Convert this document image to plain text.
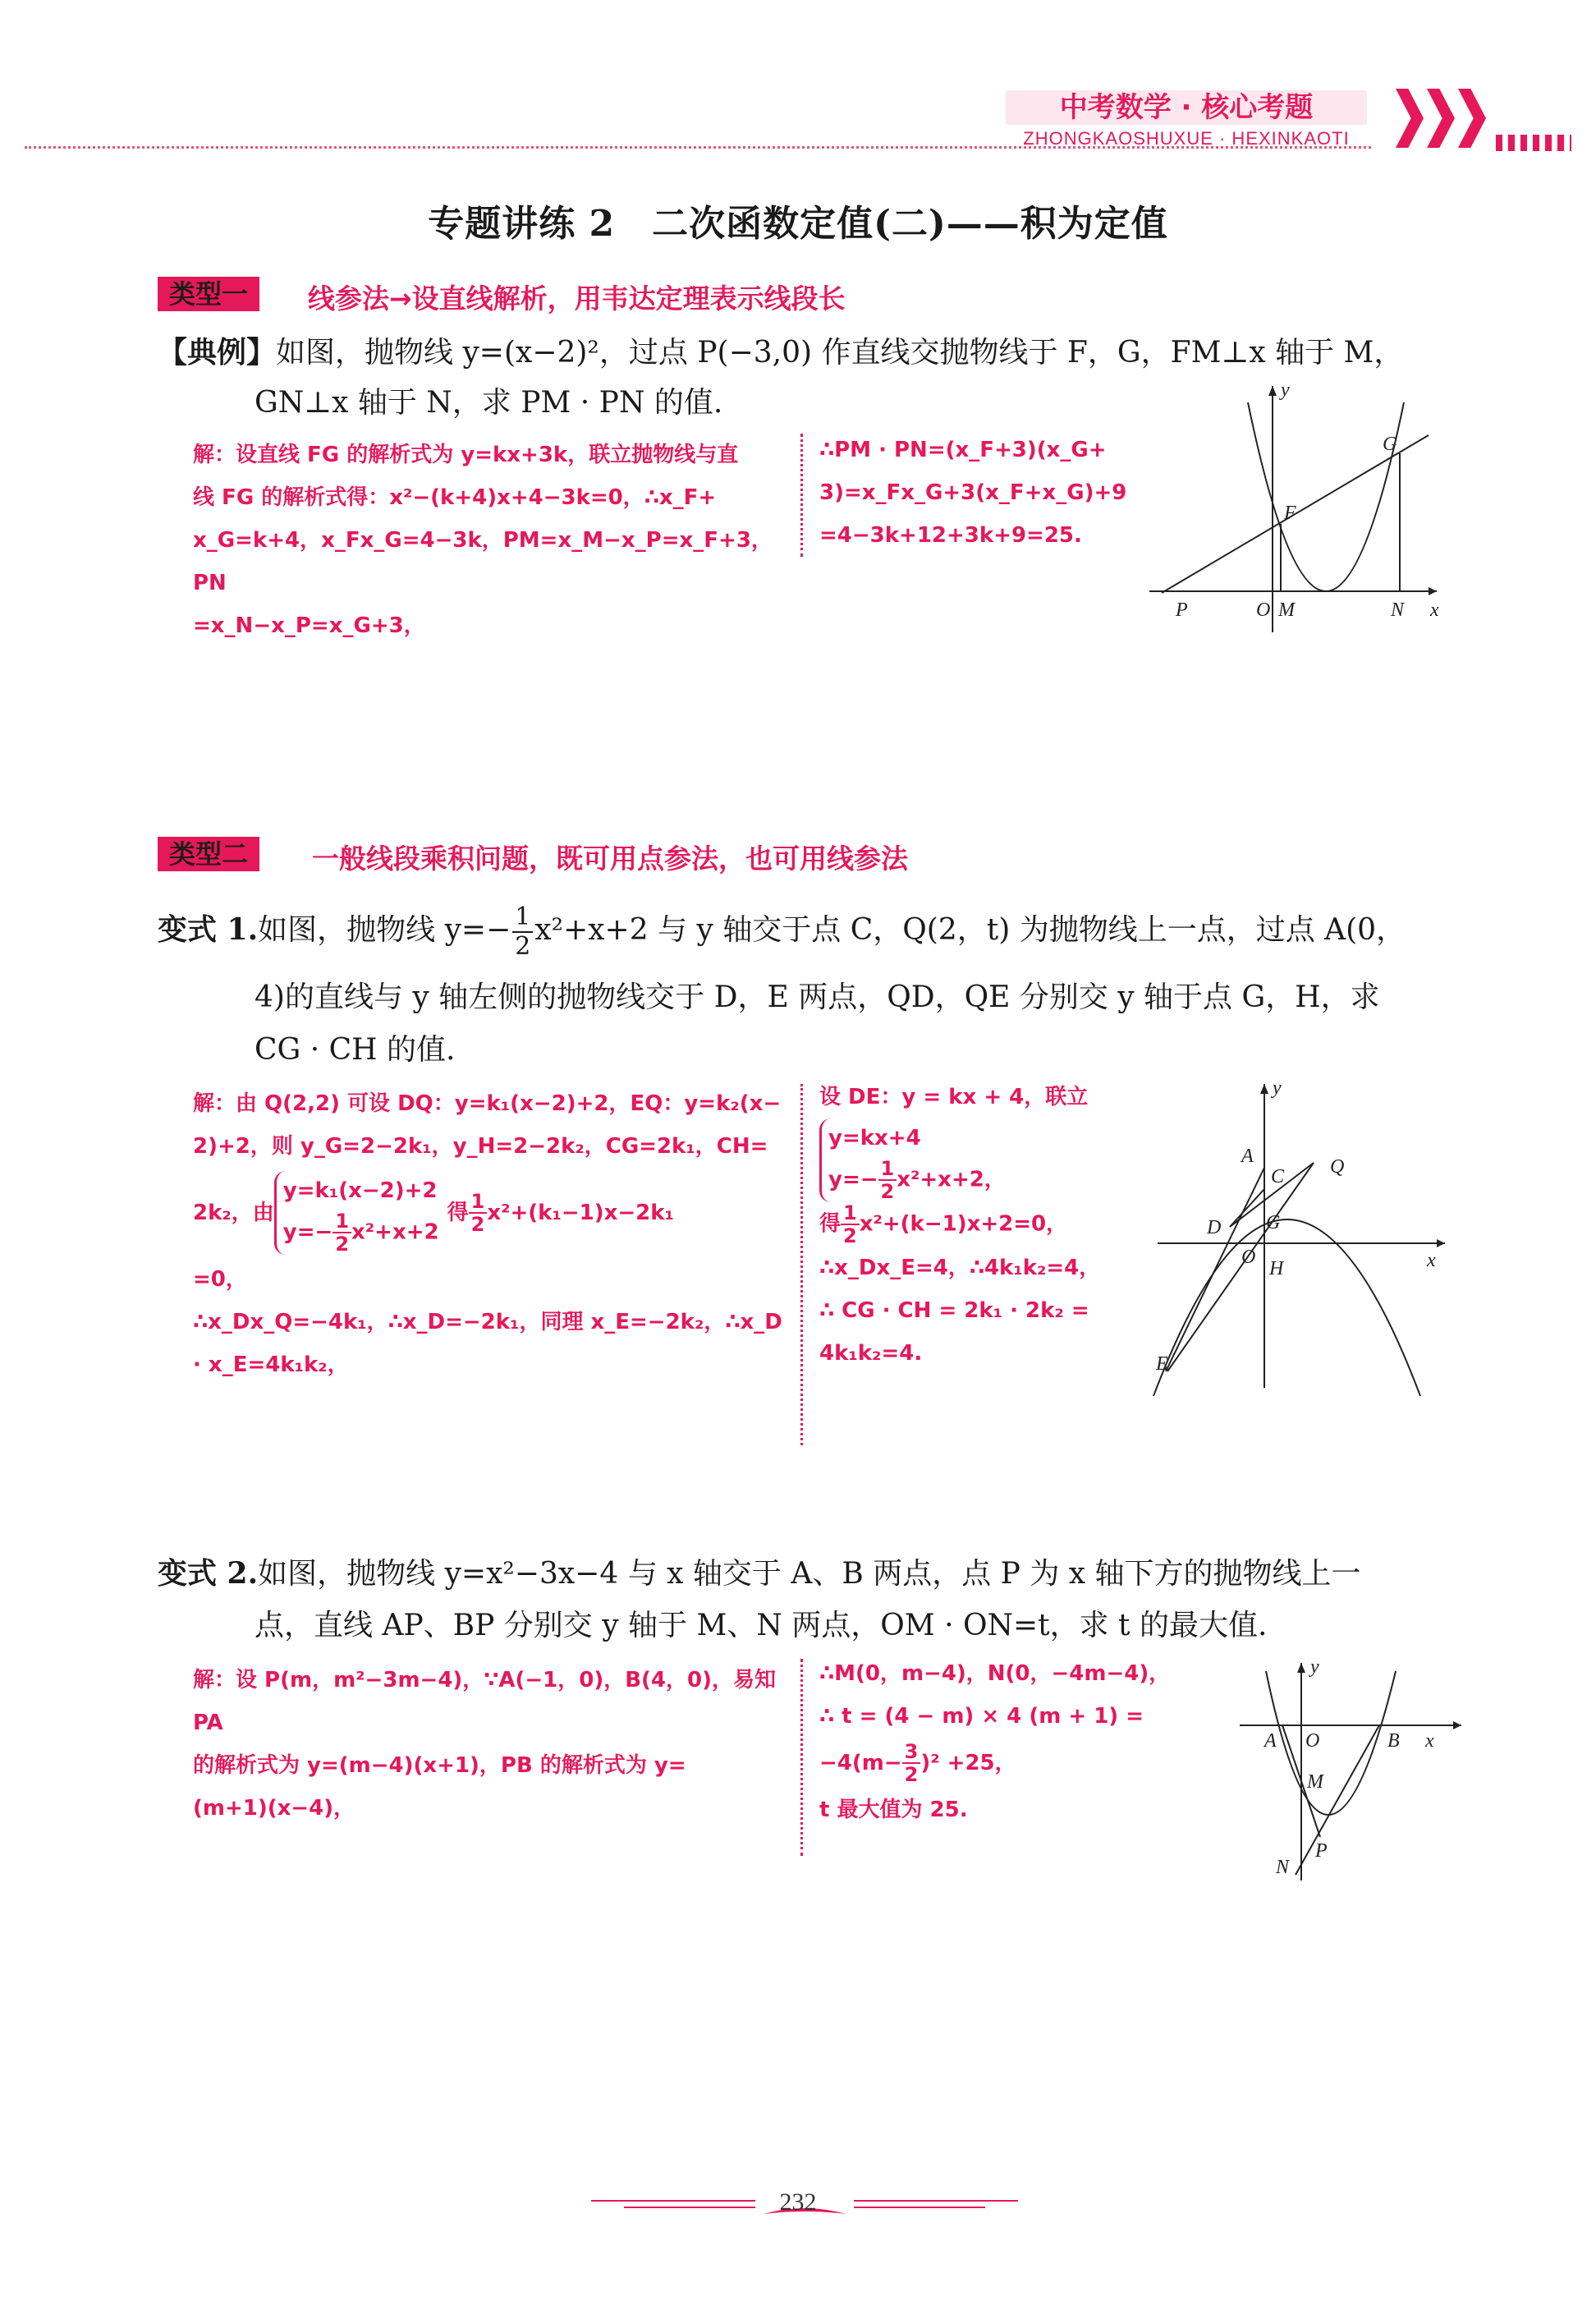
中考数学 · 核心考题
ZHONGKAOSHUXUE · HEXINKAOTI
专题讲练 2　二次函数定值(二)——积为定值
类型一	线参法→设直线解析，用韦达定理表示线段长
【典例】如图，抛物线 y=(x−2)²，过点 P(−3,0) 作直线交抛物线于 F，G，FM⊥x 轴于 M，
GN⊥x 轴于 N，求 PM · PN 的值.
解：设直线 FG 的解析式为 y=kx+3k，联立抛物线与直
线 FG 的解析式得：x²−(k+4)x+4−3k=0，∴x_F+
x_G=k+4，x_Fx_G=4−3k，PM=x_M−x_P=x_F+3，PN
=x_N−x_P=x_G+3，
∴PM · PN=(x_F+3)(x_G+
3)=x_Fx_G+3(x_F+x_G)+9
=4−3k+12+3k+9=25.
y
G
F
P	O M	N x
类型二	一般线段乘积问题，既可用点参法，也可用线参法
变式 1.如图，抛物线 $y=- \frac{1}{2} x^2+x+2$ 与 y 轴交于点 C，Q(2，t) 为抛物线上一点，过点 A(0，
4)的直线与 y 轴左侧的抛物线交于 D，E 两点，QD，QE 分别交 y 轴于点 G，H，求
CG · CH 的值.
解：由 Q(2,2) 可设 DQ：y=k₁(x−2)+2，EQ：y=k₂(x−
2)+2，则 y_G=2−2k₁，y_H=2−2k₂，CG=2k₁，CH=
2k₂，由
y=k₁(x−2)+2
$y=- \frac{1}{2} x^2+x+2$
得 $\frac{1}{2} x^2+(k_1-1)x-2k_1$
=0，
∴x_Dx_Q=−4k₁，∴x_D=−2k₁，同理 x_E=−2k₂，∴x_D
· x_E=4k₁k₂，
设 DE：y = kx + 4，联立
y=kx+4
$y=- \frac{1}{2} x^2+x+2$，
得 $\frac{1}{2} x^2+(k-1)x+2=0$，
∴x_Dx_E=4，∴4k₁k₂=4，
∴ CG · CH = 2k₁ · 2k₂ =
4k₁k₂=4.
y
A
C Q
D G
O
H	x
E
变式 2.如图，抛物线 y=x²−3x−4 与 x 轴交于 A、B 两点，点 P 为 x 轴下方的抛物线上一
点，直线 AP、BP 分别交 y 轴于 M、N 两点，OM · ON=t，求 t 的最大值.
解：设 P(m，m²−3m−4)，∵A(−1，0)，B(4，0)，易知 PA
的解析式为 y=(m−4)(x+1)，PB 的解析式为 y=
(m+1)(x−4)，
∴M(0，m−4)，N(0，−4m−4)，
∴ t = (4 − m) × 4 (m + 1) =
$-4(m- \frac{3}{2} )^2 +25$，
t 最大值为 25.
y
A O	B x
M
N
P
232
